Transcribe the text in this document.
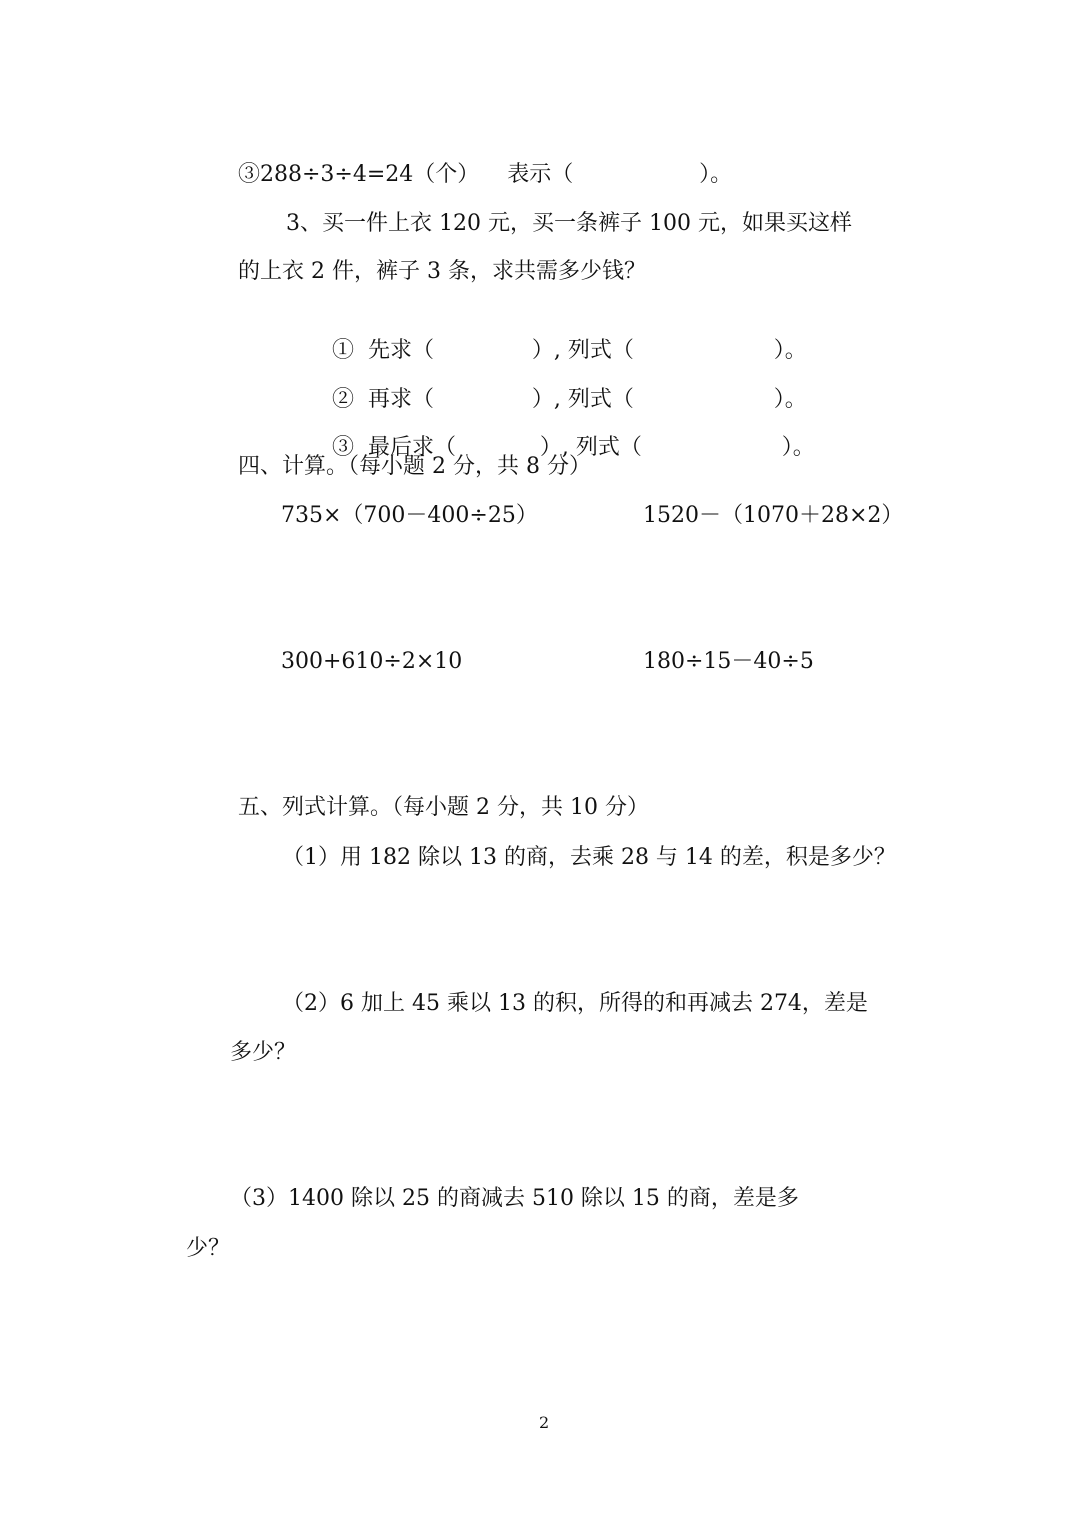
③288÷3÷4=24（个）    表示（                  ）。
3、买一件上衣 120 元，买一条裤子 100 元，如果买这样
的上衣 2 件，裤子 3 条，求共需多少钱？

① 先求（              ）, 列式（                    ）。

② 再求（              ）, 列式（                    ）。

③ 最后求（            ）, 列式（                    ）。

四、计算。（每小题 2 分，共 8 分）
735×（700－400÷25）	1520－（1070＋28×2）
300+610÷2×10	180÷15－40÷5
五、列式计算。（每小题 2 分，共 10 分）
（1）用 182 除以 13 的商，去乘 28 与 14 的差，积是多少？
（2）6 加上 45 乘以 13 的积，所得的和再减去 274，差是
多少？
（3）1400 除以 25 的商减去 510 除以 15 的商，差是多
少？
2
